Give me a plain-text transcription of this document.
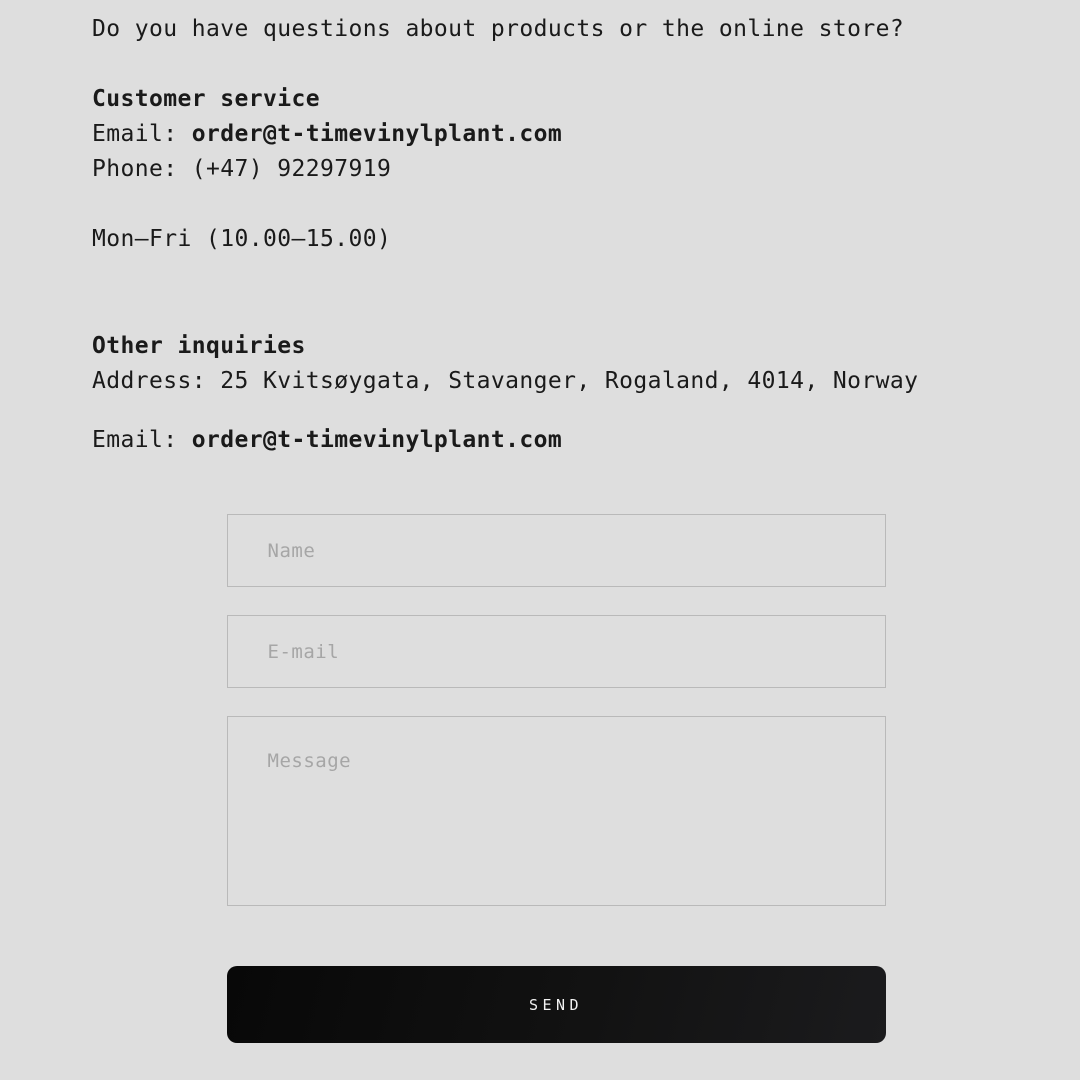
Do you have questions about products or the online store?

Customer service
Email: order@t-timevinylplant.com
Phone: (+47) 92297919
Mon–Fri (10.00–15.00)
Other inquiries
Address: 25 Kvitsøygata, Stavanger, Rogaland, 4014, Norway
Email: order@t-timevinylplant.com
Name
E-mail
Message
SEND
